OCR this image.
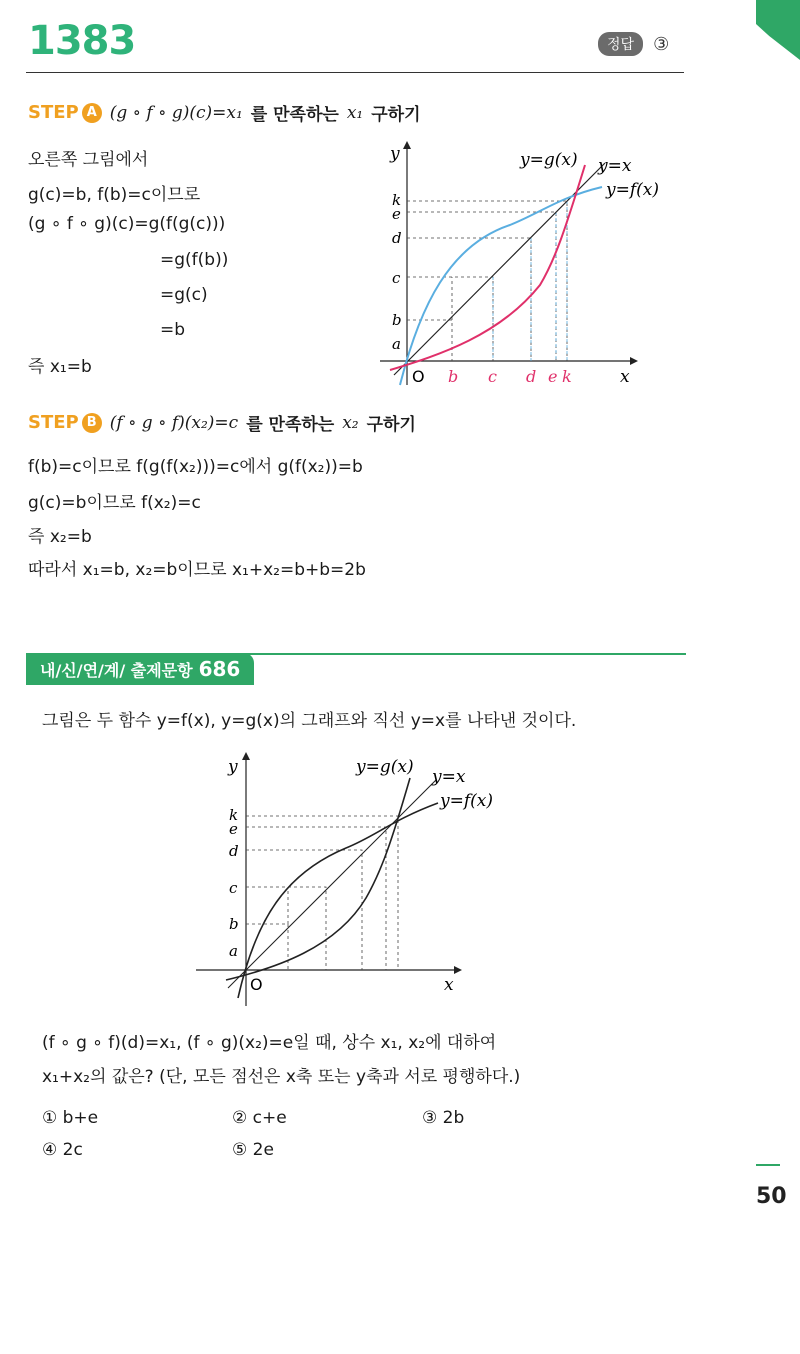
1383	정답	③
STEP A (g ∘ f ∘ g)(c)=x₁ 를 만족하는 x₁ 구하기
오른쪽 그림에서
g(c)=b, f(b)=c이므로
(g ∘ f ∘ g)(c)=g(f(g(c)))
=g(f(b))
=g(c)
=b
즉 x₁=b
y
x
O
y=g(x) y=x
y=f(x)
k
e
d
c
b
a
b c d e k
STEP B (f ∘ g ∘ f)(x₂)=c 를 만족하는 x₂ 구하기
f(b)=c이므로 f(g(f(x₂)))=c에서 g(f(x₂))=b
g(c)=b이므로 f(x₂)=c
즉 x₂=b
따라서 x₁=b, x₂=b이므로 x₁+x₂=b+b=2b
내/신/연/계/ 출제문항 686
그림은 두 함수 y=f(x), y=g(x)의 그래프와 직선 y=x를 나타낸 것이다.
y
x
O
y=g(x) y=x
y=f(x)
k
e
d
c
b
a
(f ∘ g ∘ f)(d)=x₁, (f ∘ g)(x₂)=e일 때, 상수 x₁, x₂에 대하여
x₁+x₂의 값은? (단, 모든 점선은 x축 또는 y축과 서로 평행하다.)
① b+e	② c+e	③ 2b
④ 2c	⑤ 2e
50
